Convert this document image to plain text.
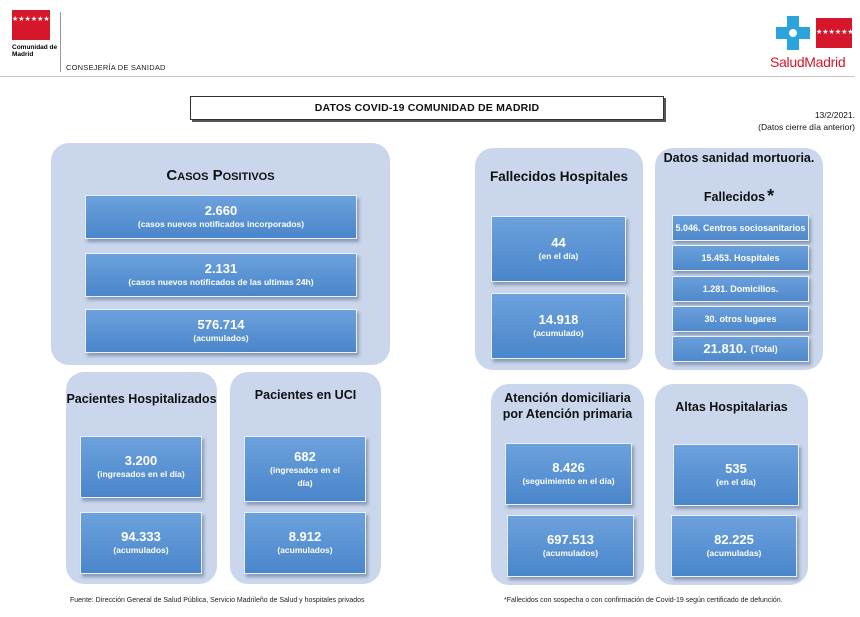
★★★★★★★
Comunidad de Madrid
CONSEJERÍA DE SANIDAD
★★★★★★★
SaludMadrid
DATOS COVID-19 COMUNIDAD DE MADRID
13/2/2021.
(Datos cierre día anterior)
Casos Positivos
2.660
(casos nuevos notificados incorporados)
2.131
(casos nuevos notificados de las ultimas 24h)
576.714
(acumulados)
Pacientes Hospitalizados
3.200
(ingresados en el día)
94.333
(acumulados)
Pacientes en UCI
682
(ingresados en el día)
8.912
(acumulados)
Fallecidos Hospitales
44
(en el día)
14.918
(acumulado)
Datos sanidad mortuoria.
Fallecidos *
5.046. Centros sociosanitarios
15.453. Hospitales
1.281. Domicilios.
30. otros lugares
21.810. (Total)
Atención domiciliaria por Atención primaria
8.426
(seguimiento en el día)
697.513
(acumulados)
Altas Hospitalarias
535
(en el día)
82.225
(acumuladas)
Fuente: Dirección General de Salud Pública, Servicio Madrileño de Salud y hospitales privados	*Fallecidos con sospecha o con confirmación de Covid-19 según certificado de defunción.
